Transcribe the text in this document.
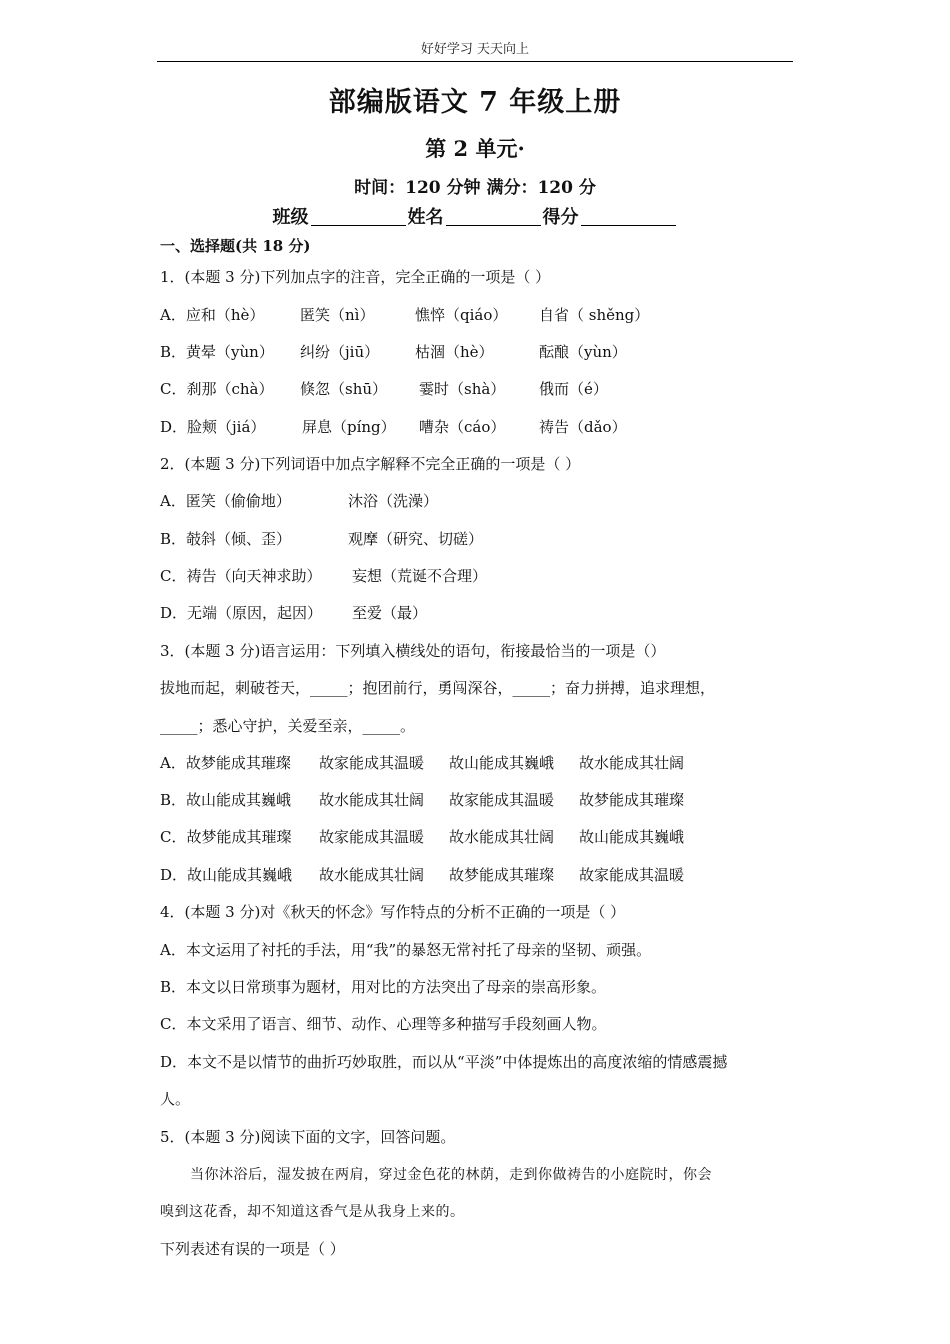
好好学习 天天向上
部编版语文 7 年级上册
第 2 单元·
时间：120 分钟 满分：120 分
班级	姓名	得分
一、选择题(共 18 分)
1．(本题 3 分)下列加点字的注音，完全正确的一项是（ ）
A．应和（hè） 匿笑（nì）	憔悴（qiáo） 自省（ shěng）
B．黄晕（yùn） 纠纷（jiū） 枯涸（hè）	酝酿（yùn）
C．刹那（chà） 倏忽（shū） 霎时（shà） 俄而（é）
D．脸颊（jiá） 屏息（píng） 嘈杂（cáo） 祷告（dǎo）
2．(本题 3 分)下列词语中加点字解释不完全正确的一项是（ ）
A．匿笑（偷偷地）	沐浴（洗澡）
B．攲斜（倾、歪）	观摩（研究、切磋）
C．祷告（向天神求助） 妄想（荒诞不合理）
D．无端（原因，起因） 至爱（最）
3．(本题 3 分)语言运用：下列填入横线处的语句，衔接最恰当的一项是（）
拔地而起，刺破苍天，_____；抱团前行，勇闯深谷，_____；奋力拼搏，追求理想，
_____；悉心守护，关爱至亲，_____。
A．故梦能成其璀璨 故家能成其温暖 故山能成其巍峨 故水能成其壮阔
B．故山能成其巍峨 故水能成其壮阔 故家能成其温暖 故梦能成其璀璨
C．故梦能成其璀璨 故家能成其温暖 故水能成其壮阔 故山能成其巍峨
D．故山能成其巍峨 故水能成其壮阔 故梦能成其璀璨 故家能成其温暖
4．(本题 3 分)对《秋天的怀念》写作特点的分析不正确的一项是（ ）
A．本文运用了衬托的手法，用“我”的暴怒无常衬托了母亲的坚韧、顽强。
B．本文以日常琐事为题材，用对比的方法突出了母亲的崇高形象。
C．本文采用了语言、细节、动作、心理等多种描写手段刻画人物。
D．本文不是以情节的曲折巧妙取胜，而以从“平淡”中体提炼出的高度浓缩的情感震撼
人。
5．(本题 3 分)阅读下面的文字，回答问题。
当你沐浴后，湿发披在两肩，穿过金色花的林荫，走到你做祷告的小庭院时，你会
嗅到这花香，却不知道这香气是从我身上来的。
下列表述有误的一项是（ ）
